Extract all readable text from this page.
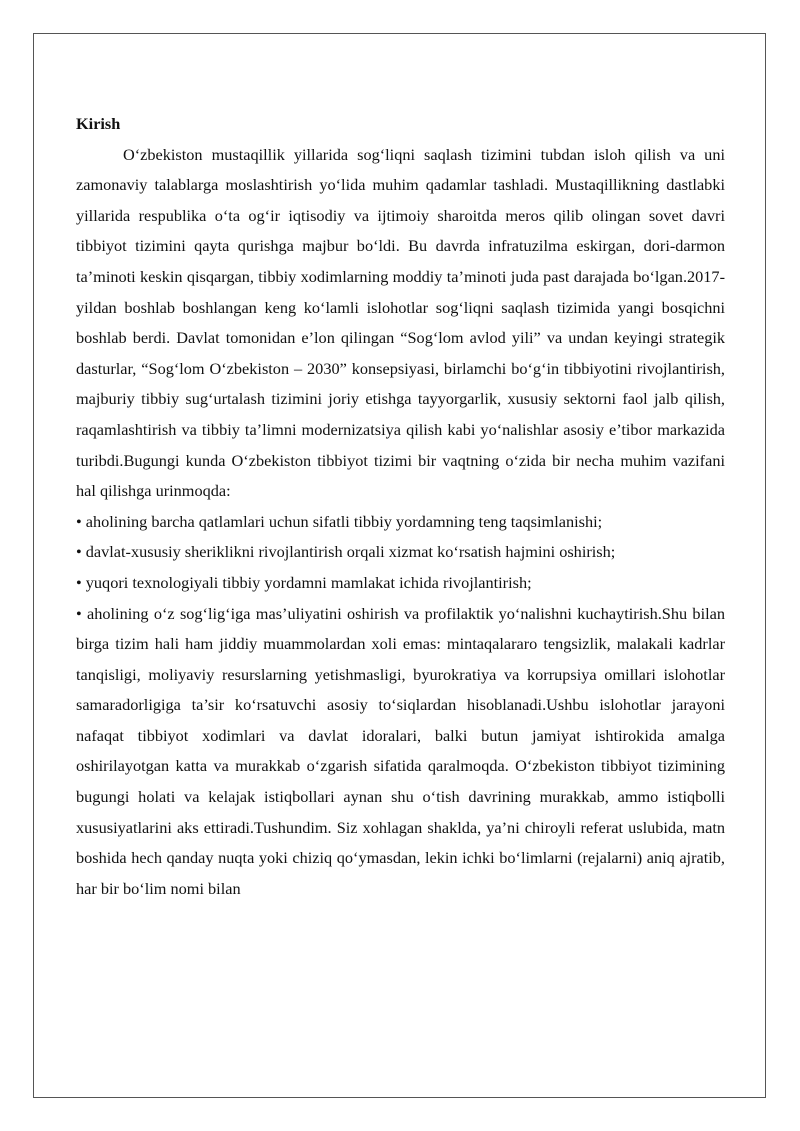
Kirish

O‘zbekiston mustaqillik yillarida sog‘liqni saqlash tizimini tubdan isloh qilish va uni zamonaviy talablarga moslashtirish yo‘lida muhim qadamlar tashladi. Mustaqillikning dastlabki yillarida respublika o‘ta og‘ir iqtisodiy va ijtimoiy sharoitda meros qilib olingan sovet davri tibbiyot tizimini qayta qurishga majbur bo‘ldi. Bu davrda infratuzilma eskirgan, dori-darmon ta’minoti keskin qisqargan, tibbiy xodimlarning moddiy ta’minoti juda past darajada bo‘lgan.2017-yildan boshlab boshlangan keng ko‘lamli islohotlar sog‘liqni saqlash tizimida yangi bosqichni boshlab berdi. Davlat tomonidan e’lon qilingan “Sog‘lom avlod yili” va undan keyingi strategik dasturlar, “Sog‘lom O‘zbekiston – 2030” konsepsiyasi, birlamchi bo‘g‘in tibbiyotini rivojlantirish, majburiy tibbiy sug‘urtalash tizimini joriy etishga tayyorgarlik, xususiy sektorni faol jalb qilish, raqamlashtirish va tibbiy ta’limni modernizatsiya qilish kabi yo‘nalishlar asosiy e’tibor markazida turibdi.Bugungi kunda O‘zbekiston tibbiyot tizimi bir vaqtning o‘zida bir necha muhim vazifani hal qilishga urinmoqda:

• aholining barcha qatlamlari uchun sifatli tibbiy yordamning teng taqsimlanishi;

• davlat-xususiy sheriklikni rivojlantirish orqali xizmat ko‘rsatish hajmini oshirish;

• yuqori texnologiyali tibbiy yordamni mamlakat ichida rivojlantirish;

• aholining o‘z sog‘lig‘iga mas’uliyatini oshirish va profilaktik yo‘nalishni kuchaytirish.Shu bilan birga tizim hali ham jiddiy muammolardan xoli emas: mintaqalararo tengsizlik, malakali kadrlar tanqisligi, moliyaviy resurslarning yetishmasligi, byurokratiya va korrupsiya omillari islohotlar samaradorligiga ta’sir ko‘rsatuvchi asosiy to‘siqlardan hisoblanadi.Ushbu islohotlar jarayoni nafaqat tibbiyot xodimlari va davlat idoralari, balki butun jamiyat ishtirokida amalga oshirilayotgan katta va murakkab o‘zgarish sifatida qaralmoqda. O‘zbekiston tibbiyot tizimining bugungi holati va kelajak istiqbollari aynan shu o‘tish davrining murakkab, ammo istiqbolli xususiyatlarini aks ettiradi.Tushundim. Siz xohlagan shaklda, ya’ni chiroyli referat uslubida, matn boshida hech qanday nuqta yoki chiziq qo‘ymasdan, lekin ichki bo‘limlarni (rejalarni) aniq ajratib, har bir bo‘lim nomi bilan
